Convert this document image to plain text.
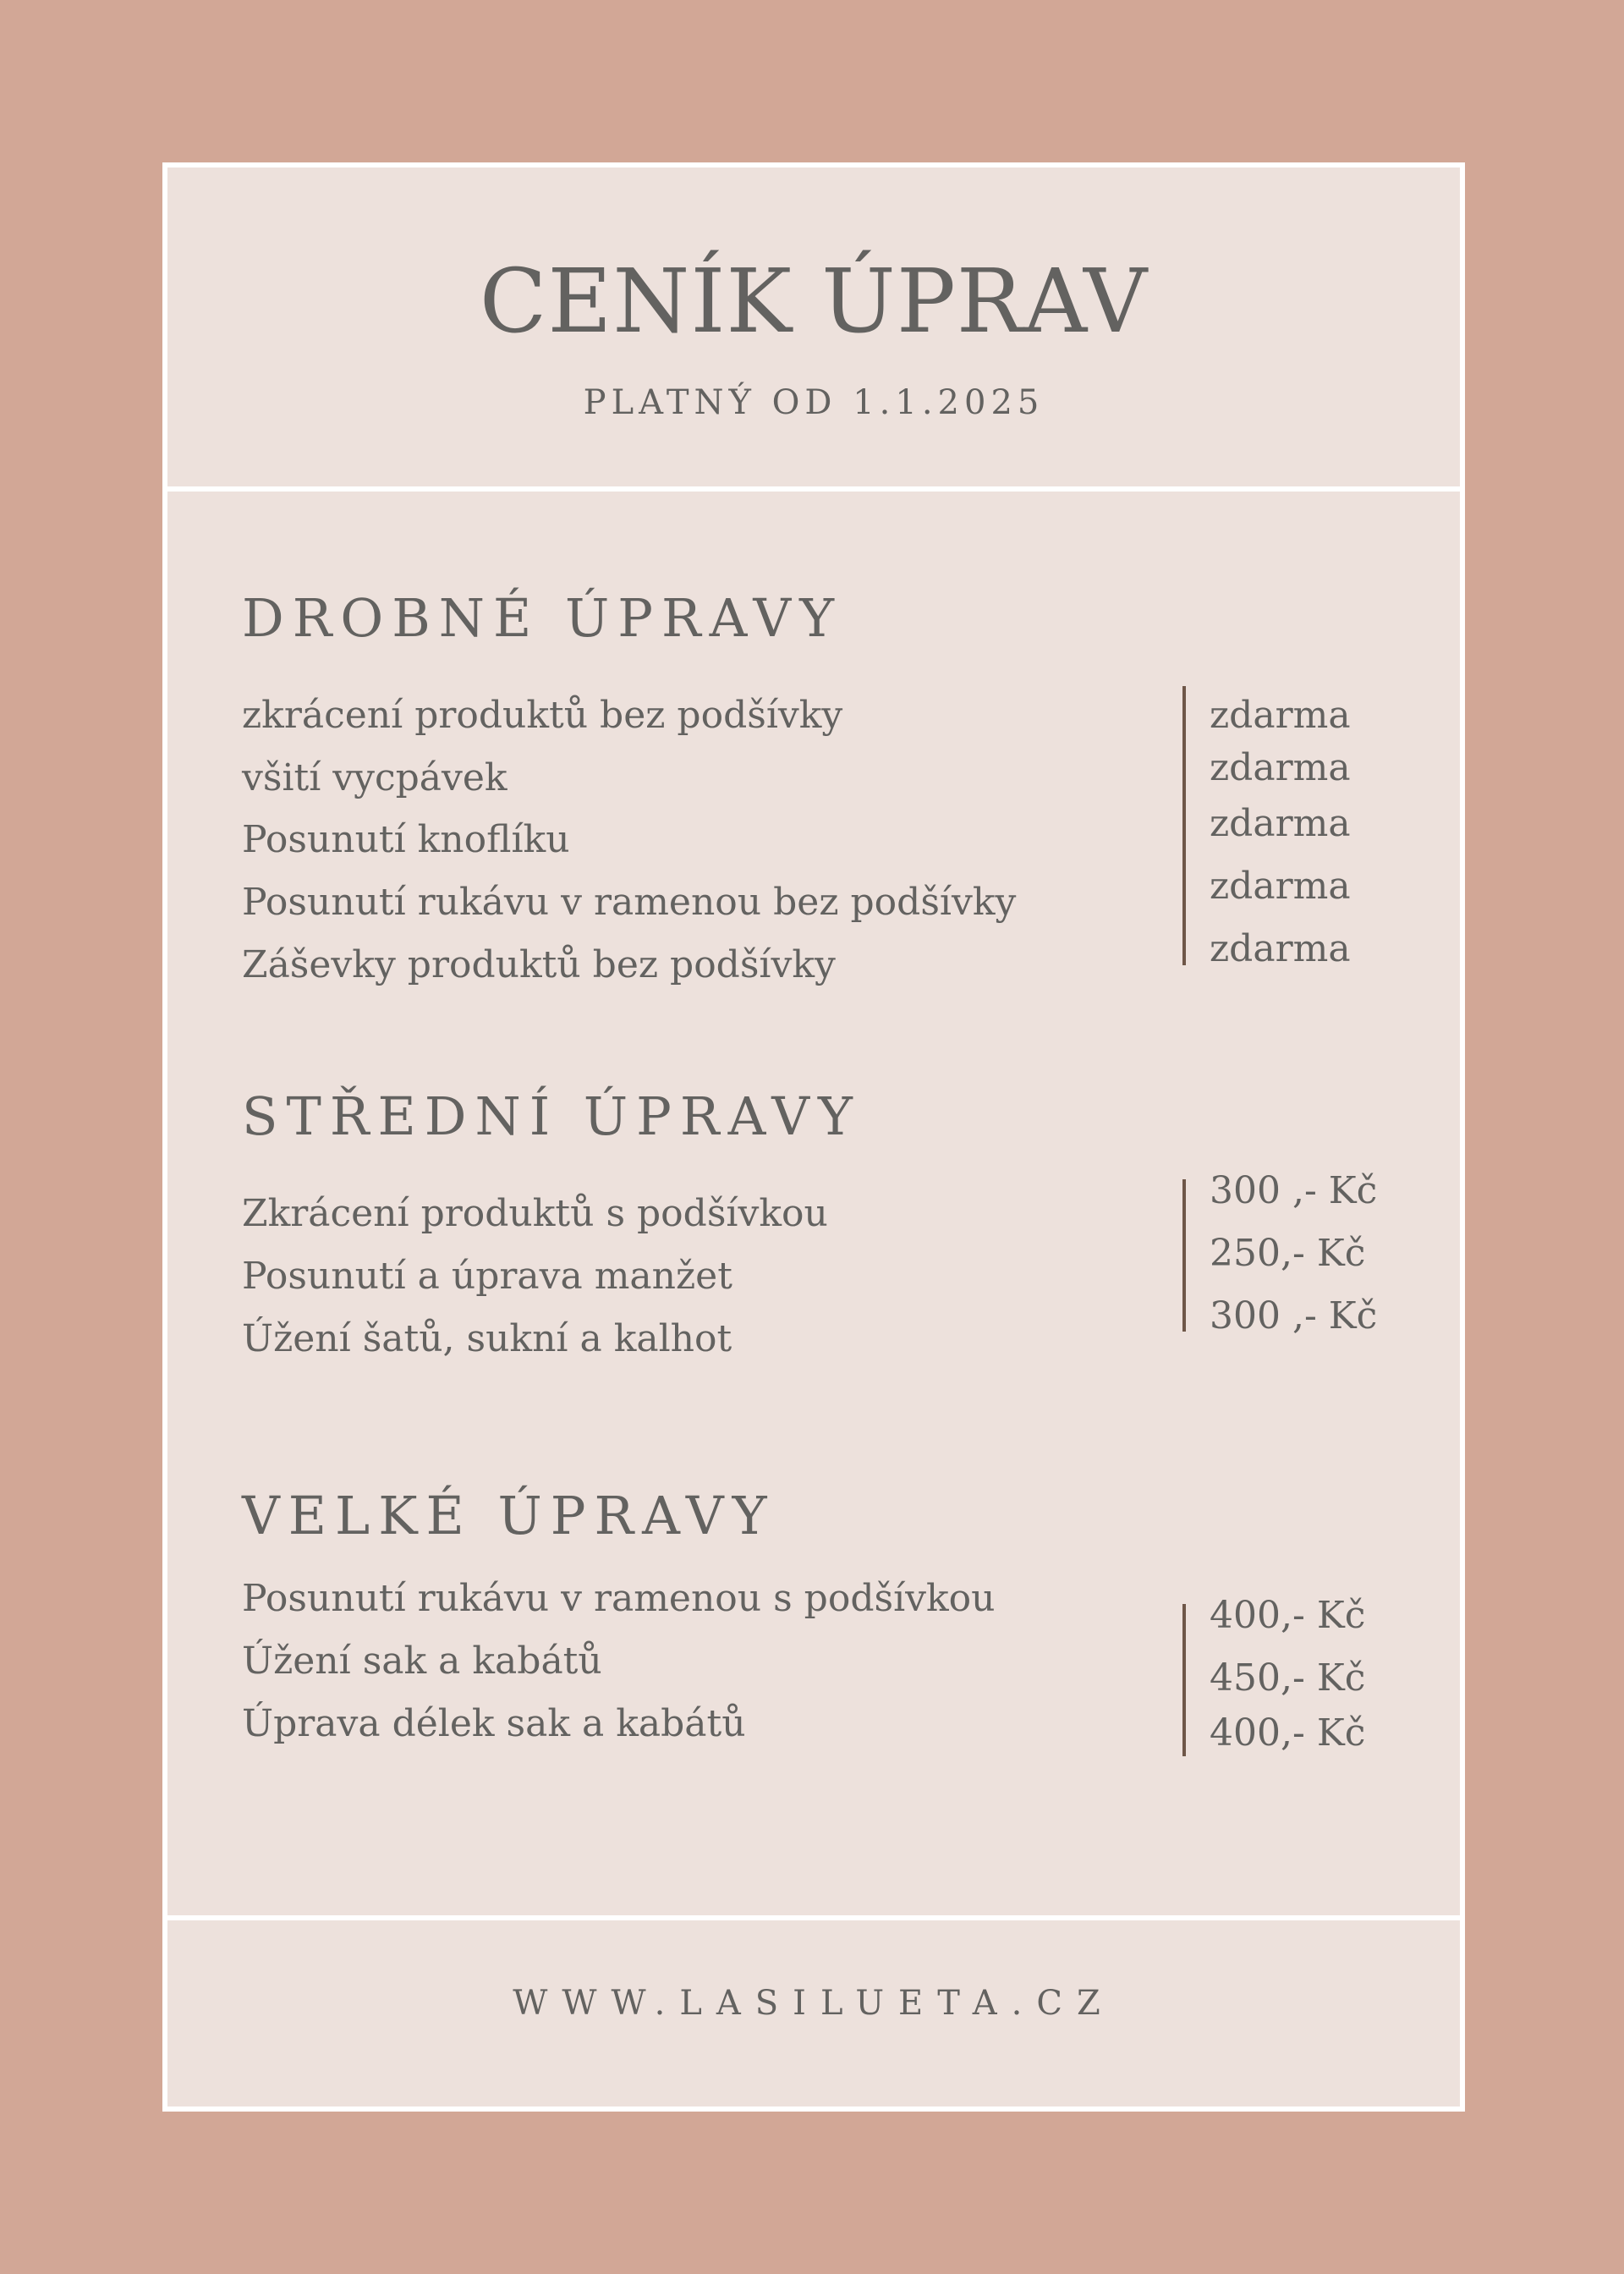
CENÍK ÚPRAV
PLATNÝ OD 1.1.2025
DROBNÉ ÚPRAVY
zkrácení produktů bez podšívky
všití vycpávek
Posunutí knoflíku
Posunutí rukávu v ramenou bez podšívky
Zášev​ky produktů bez podšívky
zdarma
zdarma
zdarma
zdarma
zdarma
STŘEDNÍ ÚPRAVY
Zkrácení produktů s podšívkou
Posunutí a úprava manžet
Úžení šatů, sukní a kalhot
300 ,- Kč
250,- Kč
300 ,- Kč
VELKÉ ÚPRAVY
Posunutí rukávu v ramenou s podšívkou
Úžení sak a kabátů
Úprava délek sak a kabátů
400,- Kč
450,- Kč
400,- Kč
WWW.LASILUETA.CZ
